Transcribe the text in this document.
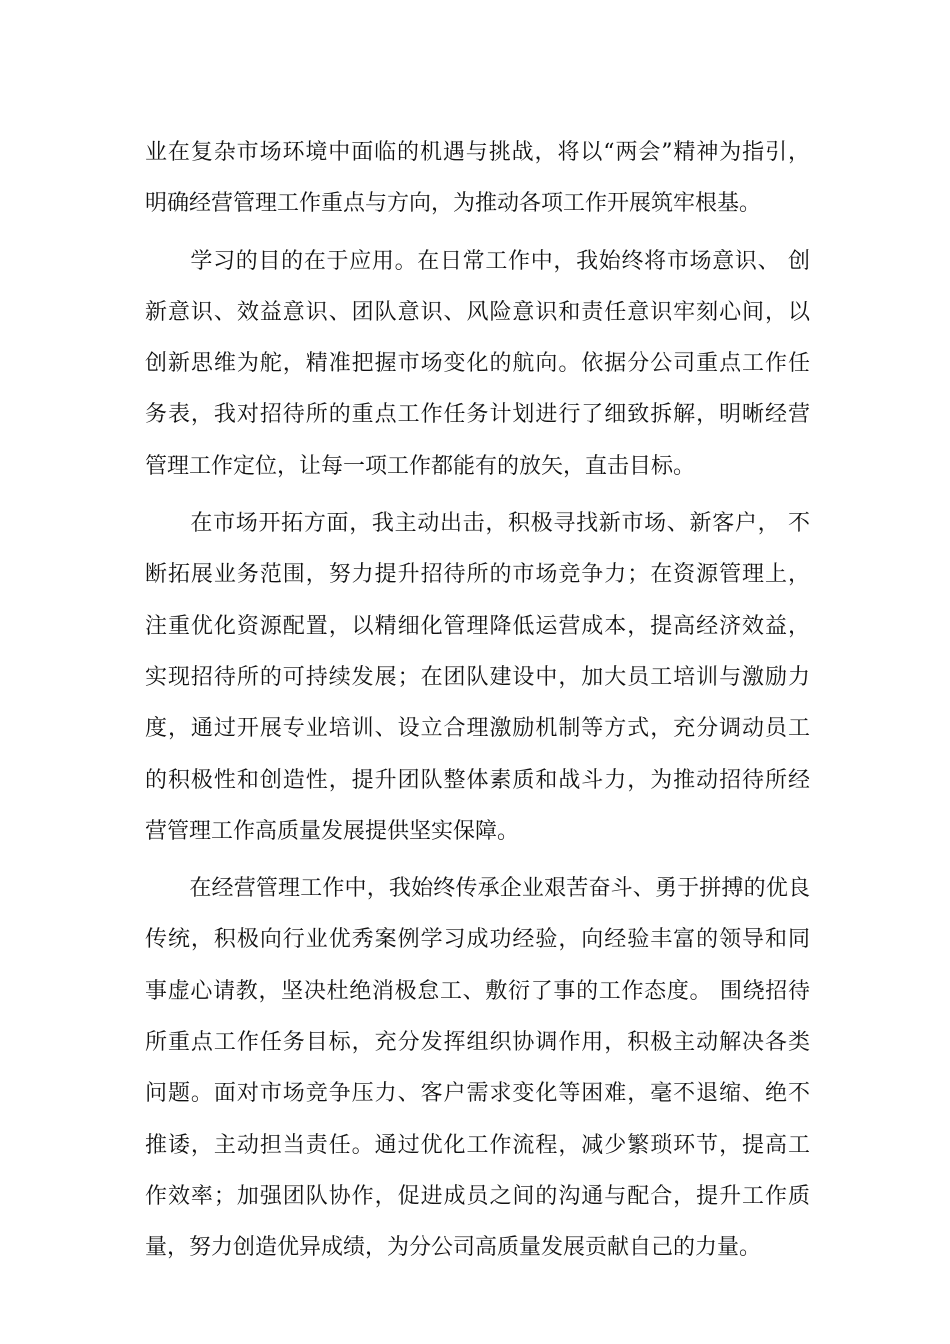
业在复杂市场环境中面临的机遇与挑战，将以“两会”精神为指引，
明确经营管理工作重点与方向，为推动各项工作开展筑牢根基。
　　学习的目的在于应用。在日常工作中，我始终将市场意识、 创
新意识、效益意识、团队意识、风险意识和责任意识牢刻心间，以
创新思维为舵，精准把握市场变化的航向。依据分公司重点工作任
务表，我对招待所的重点工作任务计划进行了细致拆解，明晰经营
管理工作定位，让每一项工作都能有的放矢，直击目标。
　　在市场开拓方面，我主动出击，积极寻找新市场、新客户， 不
断拓展业务范围，努力提升招待所的市场竞争力；在资源管理上，
注重优化资源配置，以精细化管理降低运营成本，提高经济效益，
实现招待所的可持续发展；在团队建设中，加大员工培训与激励力
度，通过开展专业培训、设立合理激励机制等方式，充分调动员工
的积极性和创造性，提升团队整体素质和战斗力，为推动招待所经
营管理工作高质量发展提供坚实保障。
　　在经营管理工作中，我始终传承企业艰苦奋斗、勇于拼搏的优良
传统，积极向行业优秀案例学习成功经验，向经验丰富的领导和同
事虚心请教，坚决杜绝消极怠工、敷衍了事的工作态度。 围绕招待
所重点工作任务目标，充分发挥组织协调作用，积极主动解决各类
问题。面对市场竞争压力、客户需求变化等困难，毫不退缩、绝不
推诿，主动担当责任。通过优化工作流程，减少繁琐环节，提高工
作效率；加强团队协作，促进成员之间的沟通与配合，提升工作质
量，努力创造优异成绩，为分公司高质量发展贡献自己的力量。
